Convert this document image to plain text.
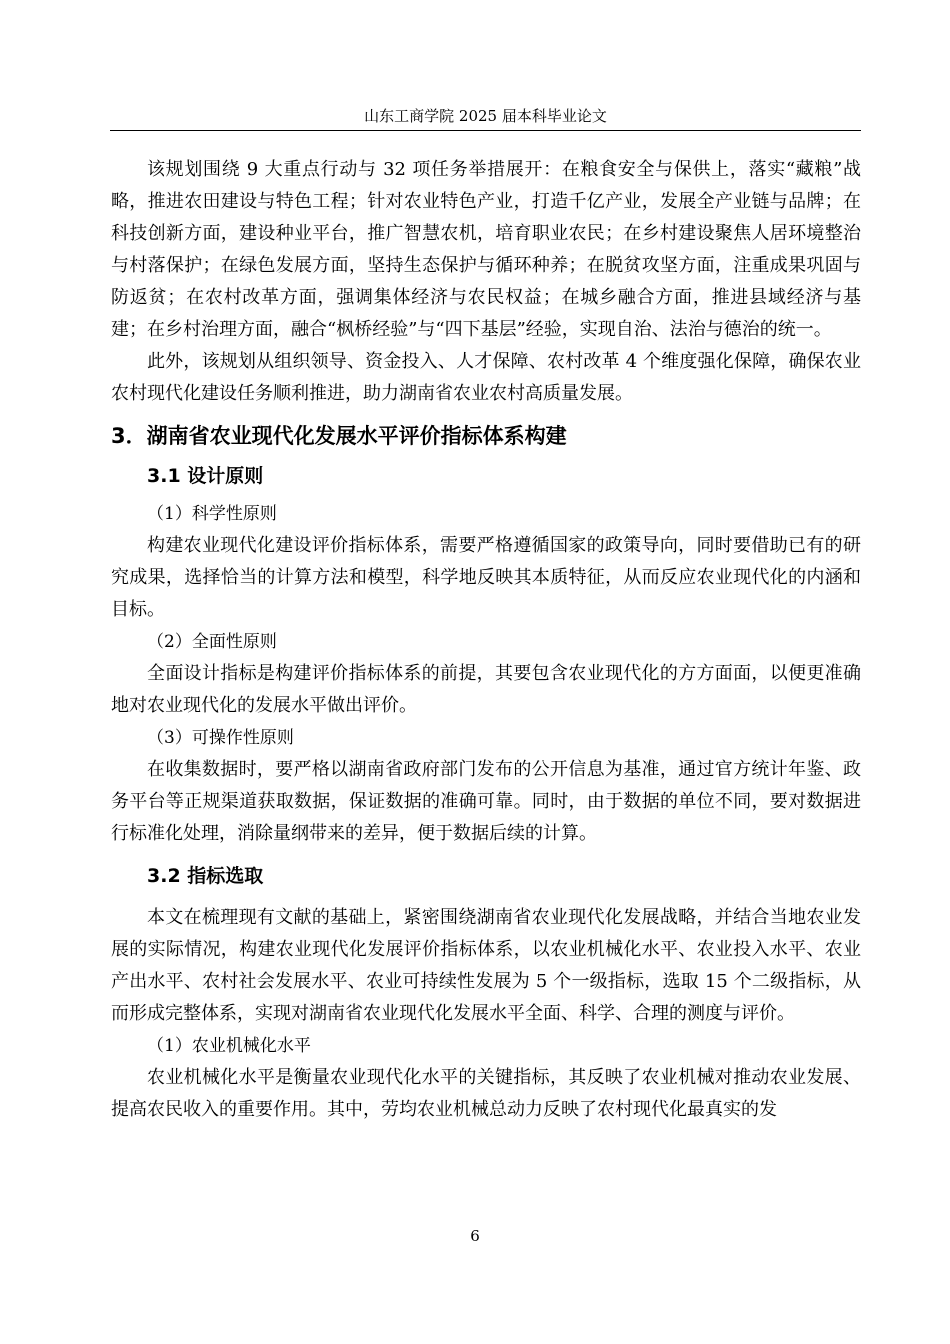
山东工商学院 2025 届本科毕业论文

该规划围绕 9 大重点行动与 32 项任务举措展开：在粮食安全与保供上，落实“藏粮”战略，推进农田建设与特色工程；针对农业特色产业，打造千亿产业，发展全产业链与品牌；在科技创新方面，建设种业平台，推广智慧农机，培育职业农民；在乡村建设聚焦人居环境整治与村落保护；在绿色发展方面，坚持生态保护与循环种养；在脱贫攻坚方面，注重成果巩固与防返贫；在农村改革方面，强调集体经济与农民权益；在城乡融合方面，推进县域经济与基建；在乡村治理方面，融合“枫桥经验”与“四下基层”经验，实现自治、法治与德治的统一。

此外，该规划从组织领导、资金投入、人才保障、农村改革 4 个维度强化保障，确保农业农村现代化建设任务顺利推进，助力湖南省农业农村高质量发展。

3．湖南省农业现代化发展水平评价指标体系构建
3.1 设计原则
（1）科学性原则

构建农业现代化建设评价指标体系，需要严格遵循国家的政策导向，同时要借助已有的研究成果，选择恰当的计算方法和模型，科学地反映其本质特征，从而反应农业现代化的内涵和目标。

（2）全面性原则

全面设计指标是构建评价指标体系的前提，其要包含农业现代化的方方面面，以便更准确地对农业现代化的发展水平做出评价。

（3）可操作性原则

在收集数据时，要严格以湖南省政府部门发布的公开信息为基准，通过官方统计年鉴、政务平台等正规渠道获取数据，保证数据的准确可靠。同时，由于数据的单位不同，要对数据进行标准化处理，消除量纲带来的差异，便于数据后续的计算。

3.2 指标选取

本文在梳理现有文献的基础上，紧密围绕湖南省农业现代化发展战略，并结合当地农业发展的实际情况，构建农业现代化发展评价指标体系，以农业机械化水平、农业投入水平、农业产出水平、农村社会发展水平、农业可持续性发展为 5 个一级指标，选取 15 个二级指标，从而形成完整体系，实现对湖南省农业现代化发展水平全面、科学、合理的测度与评价。

（1）农业机械化水平

农业机械化水平是衡量农业现代化水平的关键指标，其反映了农业机械对推动农业发展、提高农民收入的重要作用。其中，劳均农业机械总动力反映了农村现代化最真实的发

6
